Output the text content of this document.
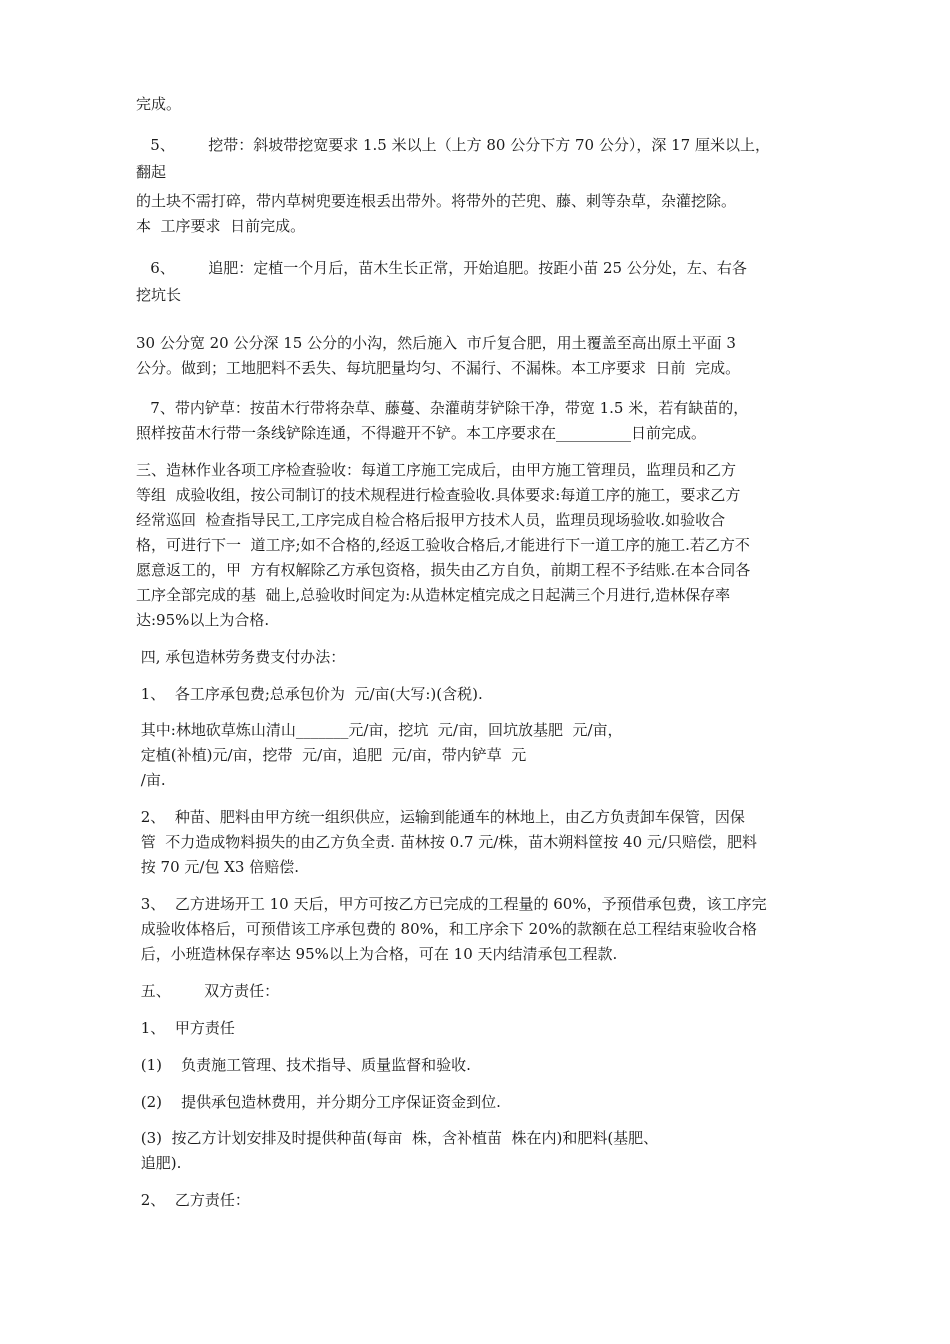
完成。
5、       挖带：斜坡带挖宽要求 1.5 米以上（上方 80 公分下方 70 公分），深 17 厘米以上，
翻起
的土块不需打碎，带内草树兜要连根丢出带外。将带外的芒兜、藤、刺等杂草，杂灌挖除。
本  工序要求  日前完成。
6、       追肥：定植一个月后，苗木生长正常，开始追肥。按距小苗 25 公分处，左、右各
挖坑长
30 公分宽 20 公分深 15 公分的小沟，然后施入  市斤复合肥，用土覆盖至高出原土平面 3
公分。做到；工地肥料不丢失、每坑肥量均匀、不漏行、不漏株。本工序要求  日前  完成。
7、带内铲草：按苗木行带将杂草、藤蔓、杂灌萌芽铲除干净，带宽 1.5 米，若有缺苗的，
照样按苗木行带一条线铲除连通，不得避开不铲。本工序要求在__________日前完成。
三、造林作业各项工序检查验收：每道工序施工完成后，由甲方施工管理员，监理员和乙方
等组  成验收组，按公司制订的技术规程进行检查验收.具体要求:每道工序的施工，要求乙方
经常巡回  检查指导民工,工序完成自检合格后报甲方技术人员，监理员现场验收.如验收合
格，可进行下一  道工序;如不合格的,经返工验收合格后,才能进行下一道工序的施工.若乙方不
愿意返工的，甲  方有权解除乙方承包资格，损失由乙方自负，前期工程不予结账.在本合同各
工序全部完成的基  础上,总验收时间定为:从造林定植完成之日起满三个月进行,造林保存率
达:95%以上为合格.
四, 承包造林劳务费支付办法：
1、  各工序承包费;总承包价为  元/亩(大写:)(含税).
其中:林地砍草炼山清山_______元/亩，挖坑  元/亩，回坑放基肥  元/亩，
定植(补植)元/亩，挖带  元/亩，追肥  元/亩，带内铲草  元
/亩.
2、  种苗、肥料由甲方统一组织供应，运输到能通车的林地上，由乙方负责卸车保管，因保
管  不力造成物料损失的由乙方负全责. 苗林按 0.7 元/株，苗木朔料筐按 40 元/只赔偿，肥料
按 70 元/包 X3 倍赔偿.
3、  乙方进场开工 10 天后，甲方可按乙方已完成的工程量的 60%，予预借承包费，该工序完
成验收体格后，可预借该工序承包费的 80%，和工序余下 20%的款额在总工程结束验收合格
后，小班造林保存率达 95%以上为合格，可在 10 天内结清承包工程款.
五、       双方责任：
1、  甲方责任
(1)    负责施工管理、技术指导、质量监督和验收.
(2)    提供承包造林费用，并分期分工序保证资金到位.
(3)  按乙方计划安排及时提供种苗(每亩  株，含补植苗  株在内)和肥料(基肥、
追肥).
2、  乙方责任：
